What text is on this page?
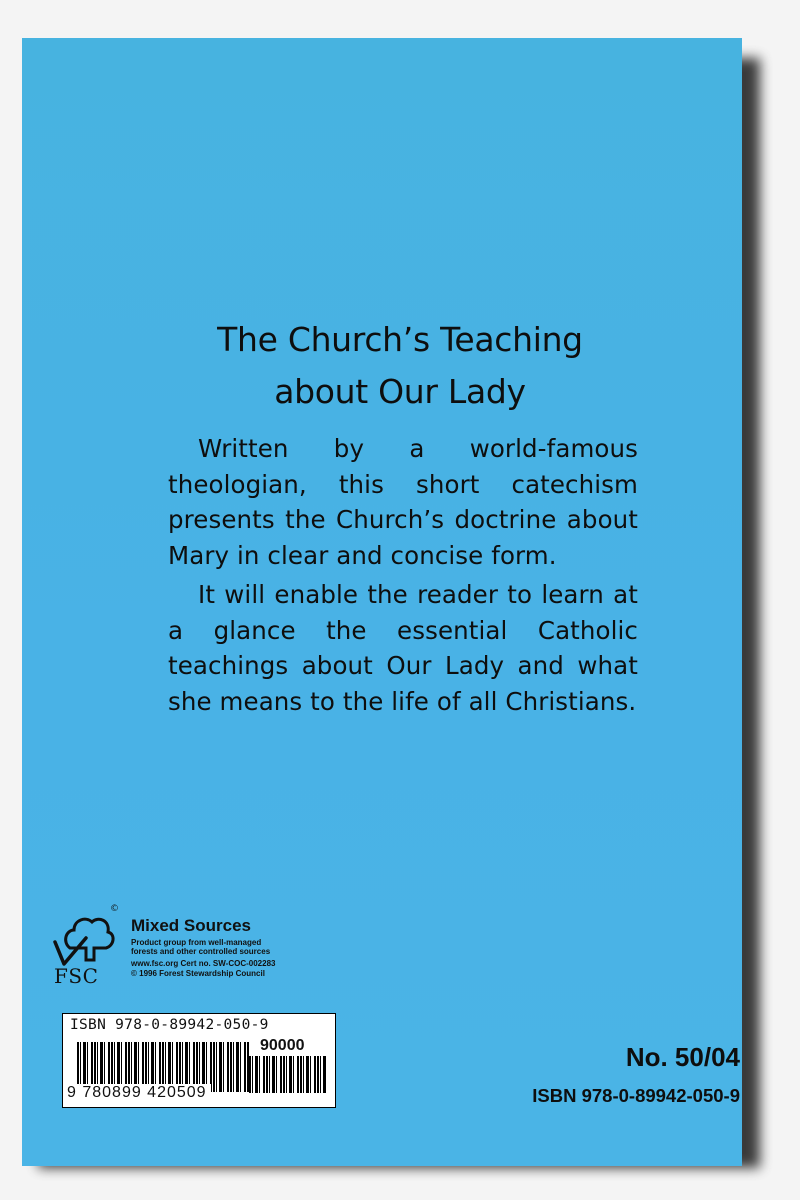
The Church’s Teaching
about Our Lady
Written by a world-famous theologian, this short catechism presents the Church’s doctrine about Mary in clear and concise form.
It will enable the reader to learn at a glance the essential Catholic teachings about Our Lady and what she means to the life of all Christians.
©
FSC
Mixed Sources
Product group from well-managed
forests and other controlled sources
www.fsc.org Cert no. SW-COC-002283
© 1996 Forest Stewardship Council
ISBN 978-0-89942-050-9
90000
9 780899 420509
No. 50/04
ISBN 978-0-89942-050-9
